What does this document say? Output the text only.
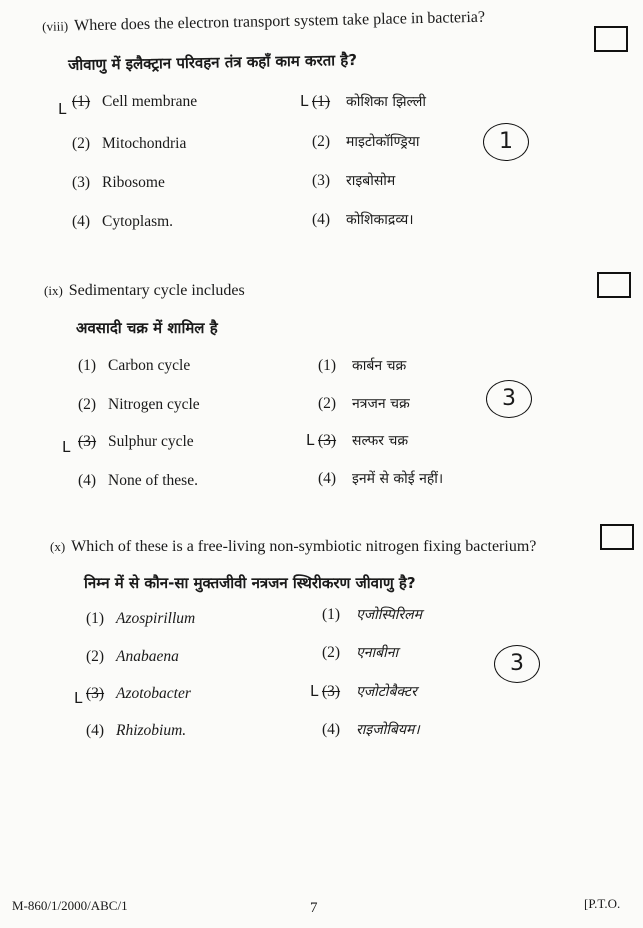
(viii) Where does the electron transport system take place in bacteria?
जीवाणु में इलैक्ट्रान परिवहन तंत्र कहाँ काम करता है?
L (1) Cell membrane
(2) Mitochondria
(3) Ribosome
(4) Cytoplasm.
L (1) कोशिका झिल्ली
(2) माइटोकॉण्ड्रिया
(3) राइबोसोम
(4) कोशिकाद्रव्य।
1
(ix) Sedimentary cycle includes
अवसादी चक्र में शामिल है
(1) Carbon cycle
(2) Nitrogen cycle
L (3) Sulphur cycle
(4) None of these.
(1) कार्बन चक्र
(2) नत्रजन चक्र
L (3) सल्फर चक्र
(4) इनमें से कोई नहीं।
3
(x) Which of these is a free-living non-symbiotic nitrogen fixing bacterium?
निम्न में से कौन-सा मुक्तजीवी नत्रजन स्थिरीकरण जीवाणु है?
(1) Azospirillum
(2) Anabaena
L (3) Azotobacter
(4) Rhizobium.
(1) एजोस्पिरिलम
(2) एनाबीना
L (3) एजोटोबैक्टर
(4) राइजोबियम।
3
M-860/1/2000/ABC/1	7	[P.T.O.
